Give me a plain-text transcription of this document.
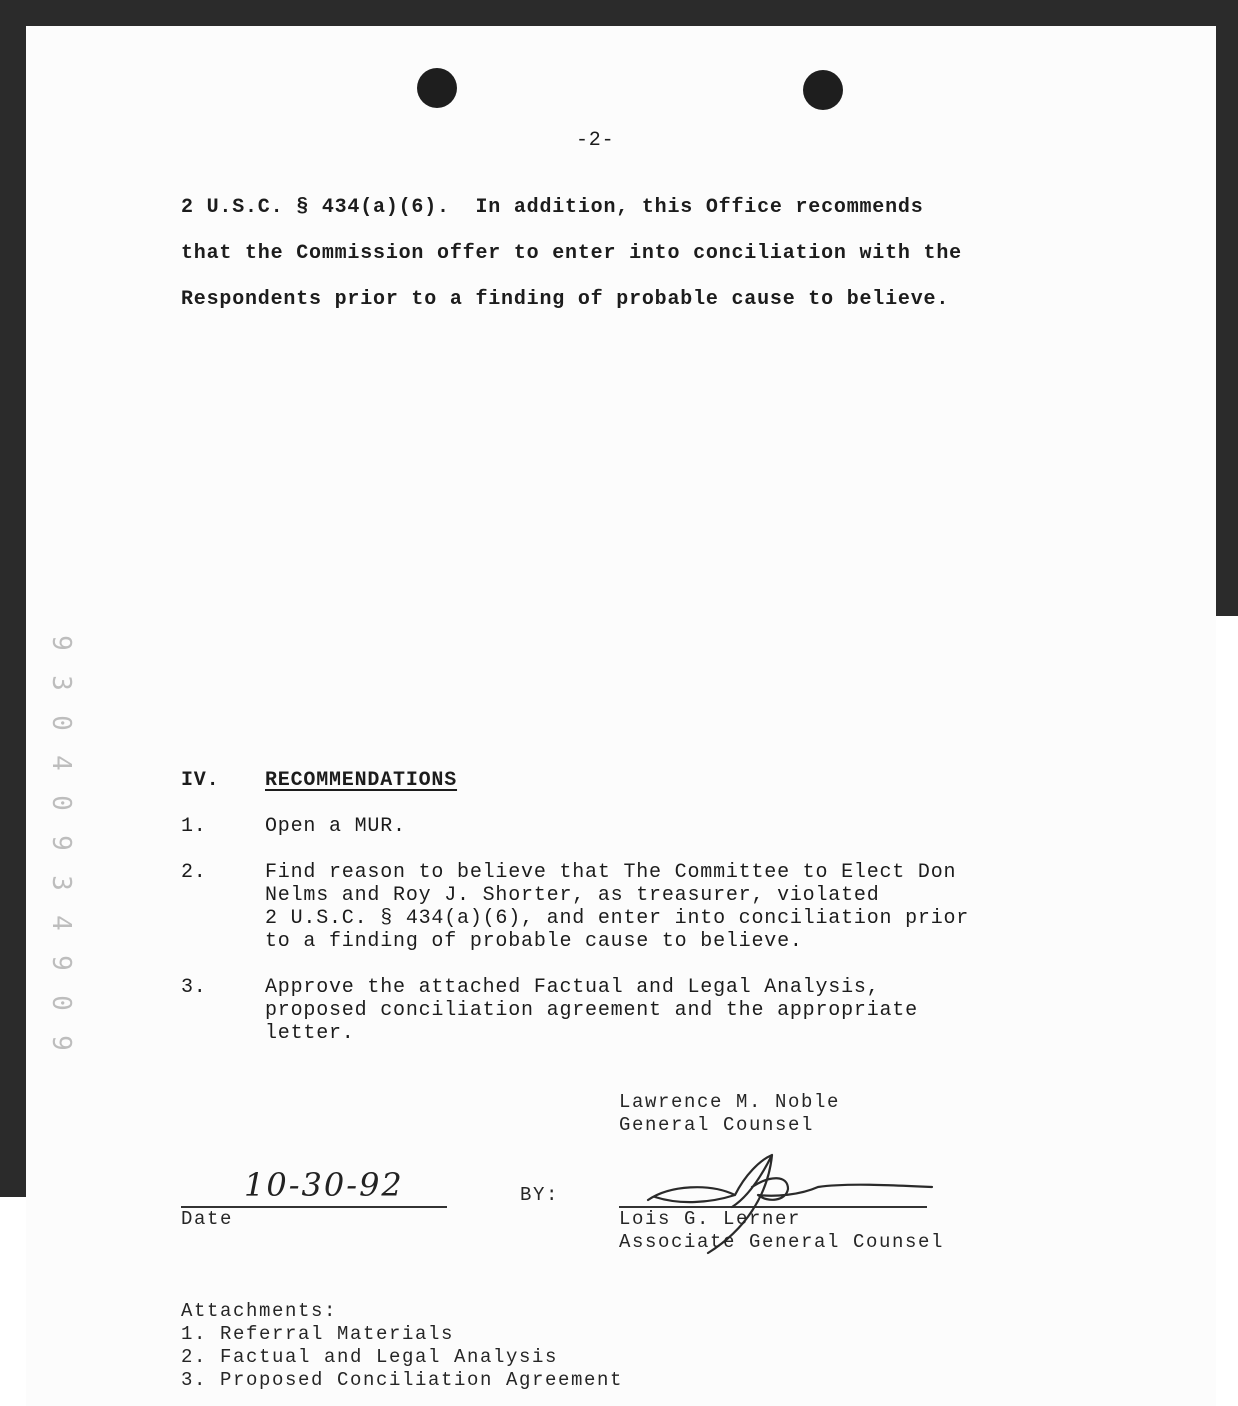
-2-
2 U.S.C. § 434(a)(6).  In addition, this Office recommends
that the Commission offer to enter into conciliation with the
Respondents prior to a finding of probable cause to believe.
9
3
0
4
0
9
3
4
9
0
9
IV. RECOMMENDATIONS
1.	Open a MUR.
2.	Find reason to believe that The Committee to Elect Don
Nelms and Roy J. Shorter, as treasurer, violated
2 U.S.C. § 434(a)(6), and enter into conciliation prior
to a finding of probable cause to believe.
3.	Approve the attached Factual and Legal Analysis,
proposed conciliation agreement and the appropriate
letter.
Lawrence M. Noble
General Counsel
10-30-92
Date
BY:
Lois G. Lerner
Associate General Counsel
Attachments:
1. Referral Materials
2. Factual and Legal Analysis
3. Proposed Conciliation Agreement
